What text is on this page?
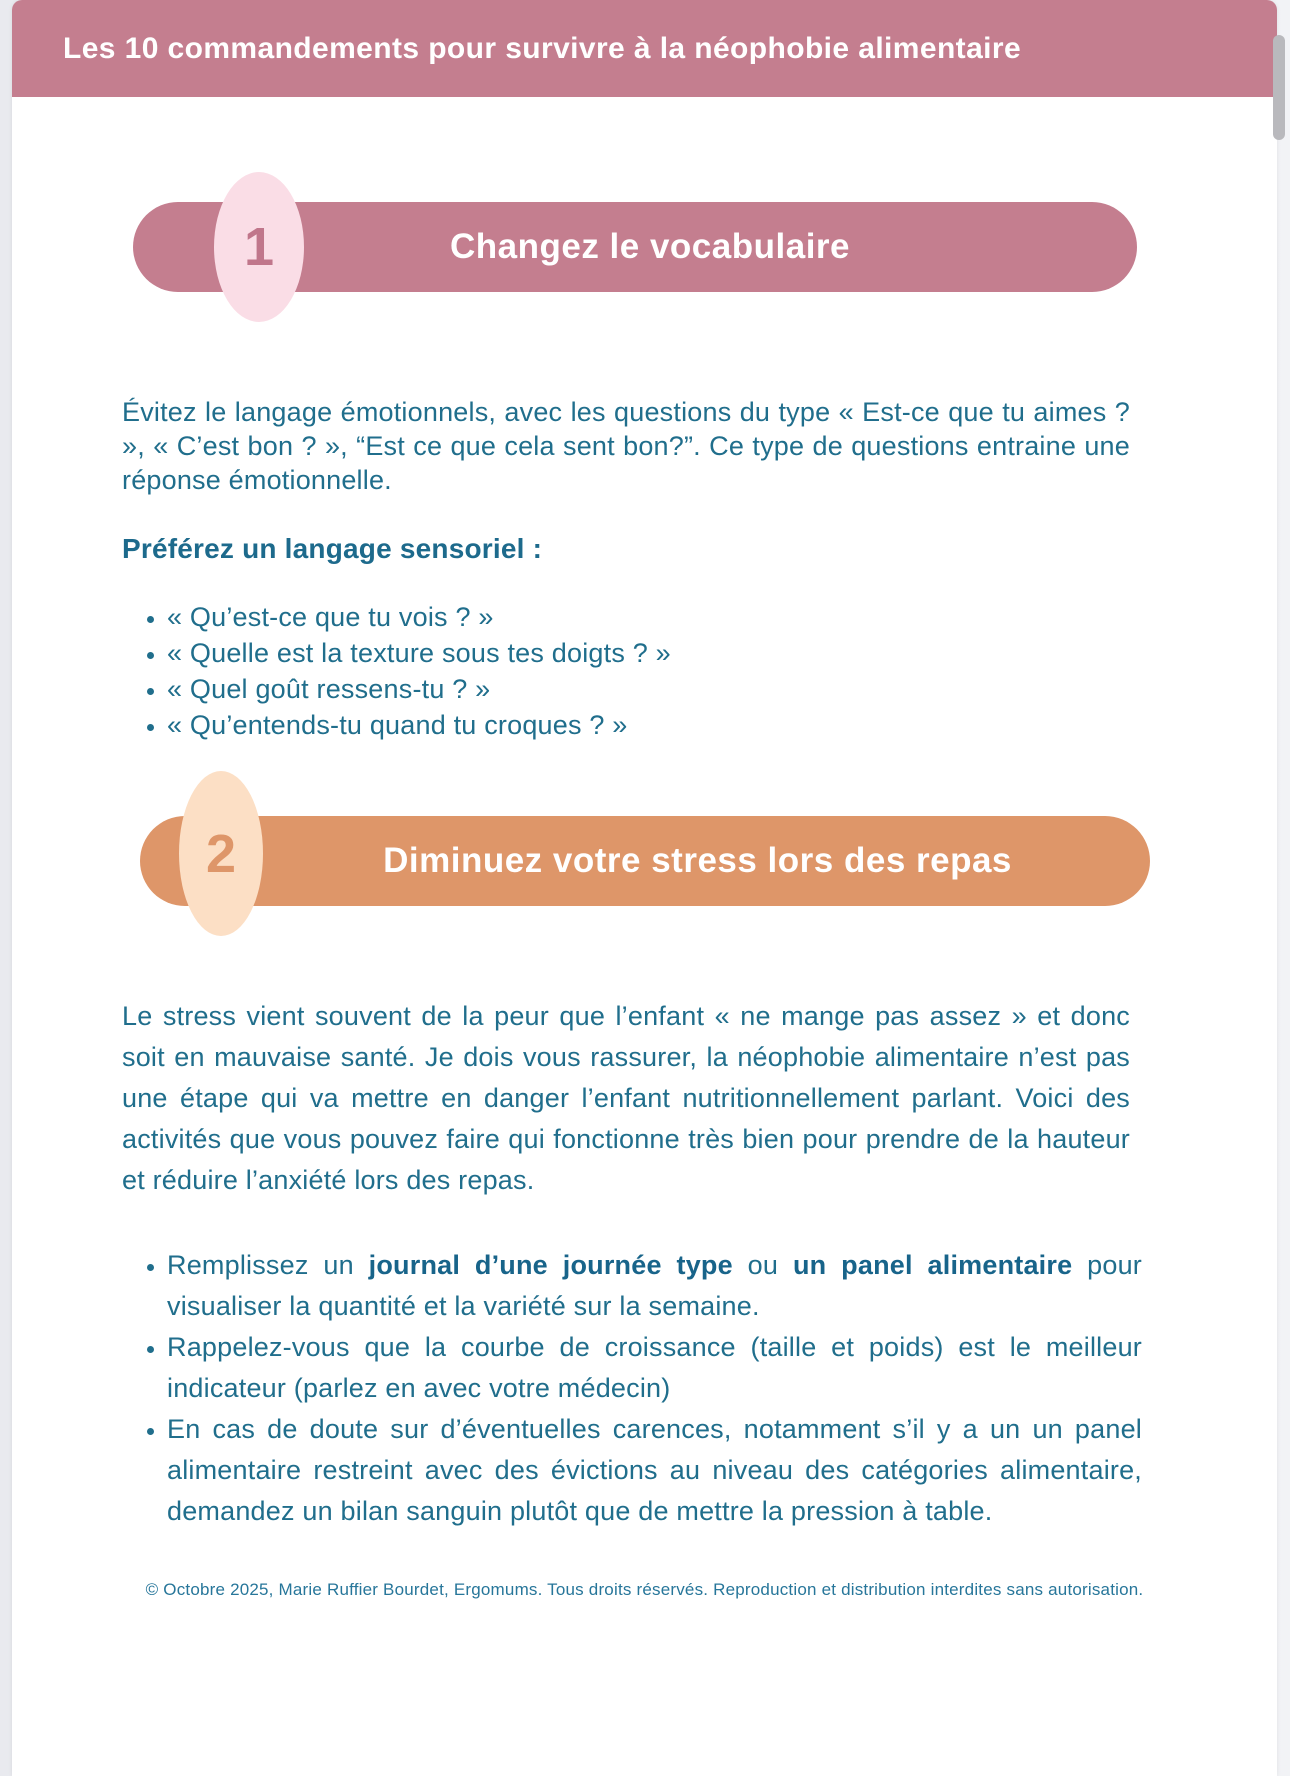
Les 10 commandements pour survivre à la néophobie alimentaire
1	Changez le vocabulaire

Évitez le langage émotionnels, avec les questions du type « Est-ce que tu aimes ? », « C’est bon ? », “Est ce que cela sent bon?”. Ce type de questions entraine une réponse émotionnelle.

Préférez un langage sensoriel :

• « Qu’est-ce que tu vois ? »
• « Quelle est la texture sous tes doigts ? »
• « Quel goût ressens-tu ? »
• « Qu’entends-tu quand tu croques ? »
2	Diminuez votre stress lors des repas

Le stress vient souvent de la peur que l’enfant « ne mange pas assez » et donc soit en mauvaise santé. Je dois vous rassurer, la néophobie alimentaire n’est pas une étape qui va mettre en danger l’enfant nutritionnellement parlant. Voici des activités que vous pouvez faire qui fonctionne très bien pour prendre de la hauteur et réduire l’anxiété lors des repas.

• Remplissez un journal d’une journée type ou un panel alimentaire pour visualiser la quantité et la variété sur la semaine.
• Rappelez-vous que la courbe de croissance (taille et poids) est le meilleur indicateur (parlez en avec votre médecin)
• En cas de doute sur d’éventuelles carences, notamment s’il y a un un panel alimentaire restreint avec des évictions au niveau des catégories alimentaire, demandez un bilan sanguin plutôt que de mettre la pression à table.

© Octobre 2025, Marie Ruffier Bourdet, Ergomums. Tous droits réservés. Reproduction et distribution interdites sans autorisation.
